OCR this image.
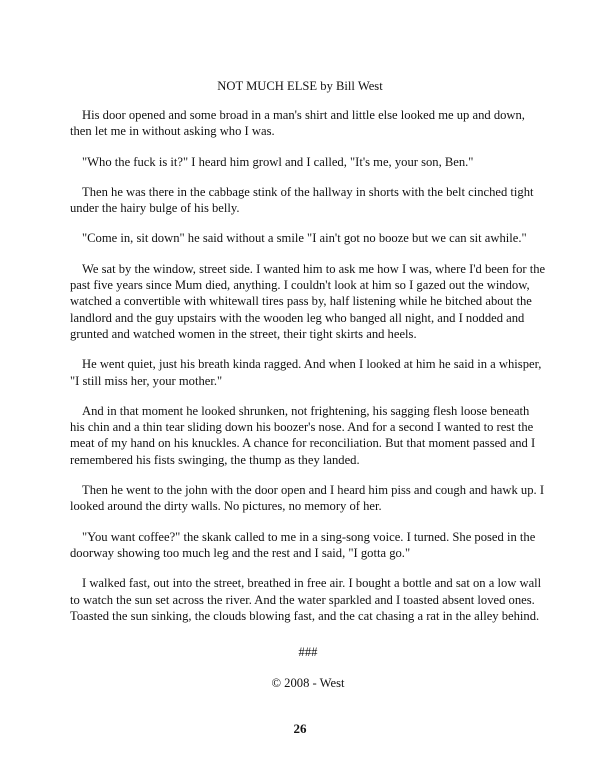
NOT MUCH ELSE by Bill West

His door opened and some broad in a man's shirt and little else looked me up and down, then let me in without asking who I was.

"Who the fuck is it?" I heard him growl and I called, "It's me, your son, Ben."

Then he was there in the cabbage stink of the hallway in shorts with the belt cinched tight under the hairy bulge of his belly.

"Come in, sit down" he said without a smile "I ain't got no booze but we can sit awhile."

We sat by the window, street side. I wanted him to ask me how I was, where I'd been for the past five years since Mum died, anything. I couldn't look at him so I gazed out the window, watched a convertible with whitewall tires pass by, half listening while he bitched about the landlord and the guy upstairs with the wooden leg who banged all night, and I nodded and grunted and watched women in the street, their tight skirts and heels.

He went quiet, just his breath kinda ragged. And when I looked at him he said in a whisper, "I still miss her, your mother."

And in that moment he looked shrunken, not frightening, his sagging flesh loose beneath his chin and a thin tear sliding down his boozer's nose. And for a second I wanted to rest the meat of my hand on his knuckles. A chance for reconciliation. But that moment passed and I remembered his fists swinging, the thump as they landed.

Then he went to the john with the door open and I heard him piss and cough and hawk up. I looked around the dirty walls. No pictures, no memory of her.

"You want coffee?" the skank called to me in a sing-song voice. I turned. She posed in the doorway showing too much leg and the rest and I said, "I gotta go."

I walked fast, out into the street, breathed in free air. I bought a bottle and sat on a low wall to watch the sun set across the river. And the water sparkled and I toasted absent loved ones. Toasted the sun sinking, the clouds blowing fast, and the cat chasing a rat in the alley behind.

###
© 2008 - West
26
